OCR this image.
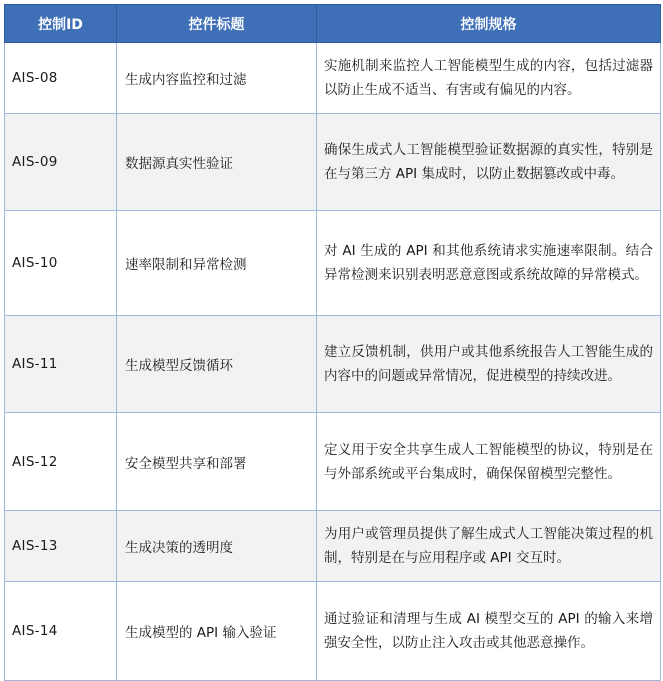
控制ID	控件标题	控制规格
AIS-08	生成内容监控和过滤	实施机制来监控人工智能模型生成的内容，包括过滤器以防止生成不适当、有害或有偏见的内容。
AIS-09	数据源真实性验证	确保生成式人工智能模型验证数据源的真实性，特别是在与第三方 API 集成时，以防止数据篡改或中毒。
AIS-10	速率限制和异常检测	对 AI 生成的 API 和其他系统请求实施速率限制。结合异常检测来识别表明恶意意图或系统故障的异常模式。
AIS-11	生成模型反馈循环	建立反馈机制，供用户或其他系统报告人工智能生成的内容中的问题或异常情况，促进模型的持续改进。
AIS-12	安全模型共享和部署	定义用于安全共享生成人工智能模型的协议，特别是在与外部系统或平台集成时，确保保留模型完整性。
AIS-13	生成决策的透明度	为用户或管理员提供了解生成式人工智能决策过程的机制，特别是在与应用程序或 API 交互时。
AIS-14	生成模型的 API 输入验证	通过验证和清理与生成 AI 模型交互的 API 的输入来增强安全性，以防止注入攻击或其他恶意操作。
